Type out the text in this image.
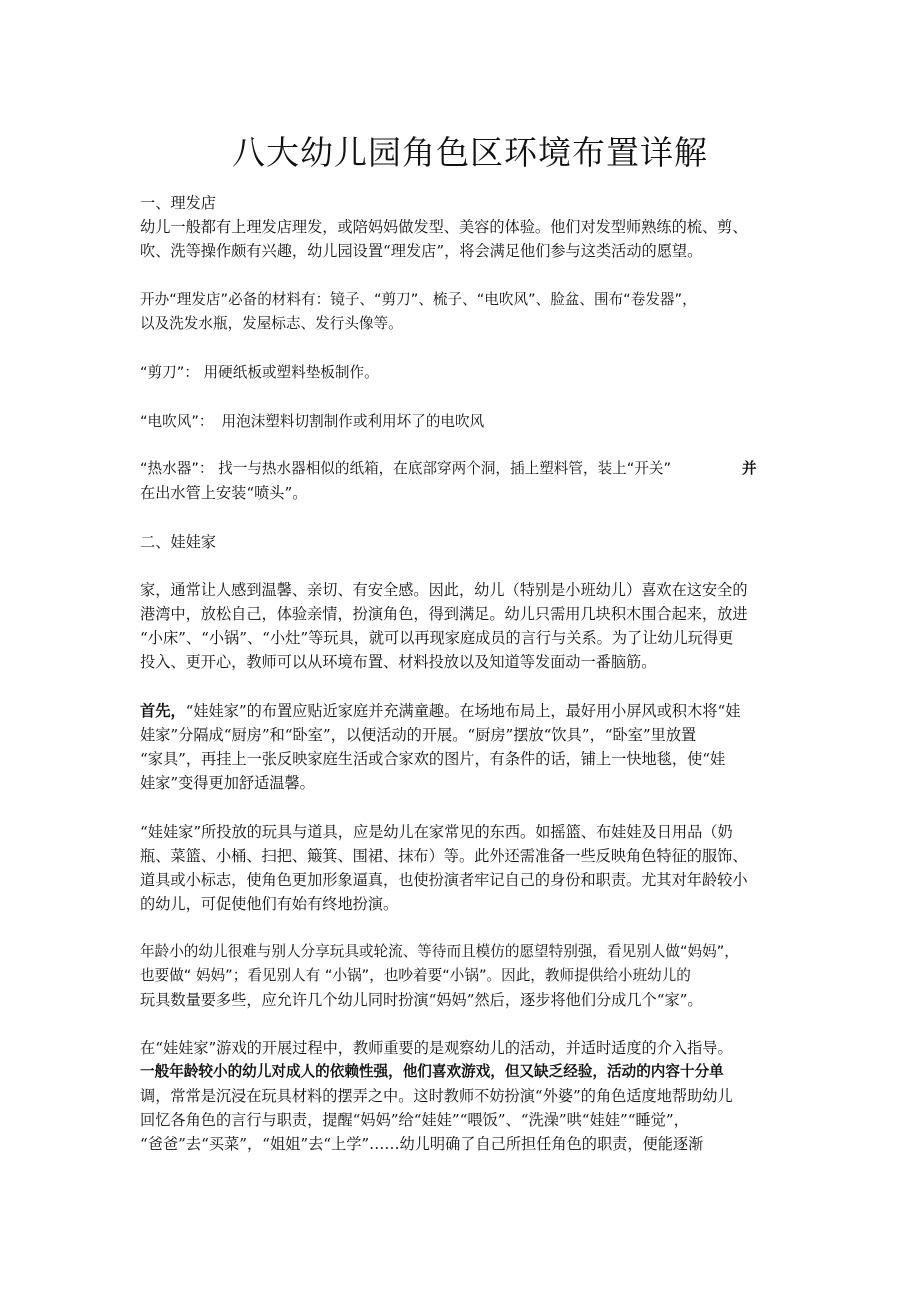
八大幼儿园角色区环境布置详解
一、理发店
幼儿一般都有上理发店理发，或陪妈妈做发型、美容的体验。他们对发型师熟练的梳、剪、
吹、洗等操作颇有兴趣，幼儿园设置“理发店”，将会满足他们参与这类活动的愿望。
开办“理发店”必备的材料有：镜子、“剪刀”、梳子、“电吹风”、脸盆、围布“卷发器”，
以及洗发水瓶，发屋标志、发行头像等。
“剪刀”： 用硬纸板或塑料垫板制作。
“电吹风”： 用泡沫塑料切割制作或利用坏了的电吹风
“热水器”： 找一与热水器相似的纸箱，在底部穿两个洞，插上塑料管，装上“开关”	并
在出水管上安装“喷头”。
二、娃娃家
家，通常让人感到温馨、亲切、有安全感。因此，幼儿（特别是小班幼儿）喜欢在这安全的
港湾中，放松自己，体验亲情，扮演角色，得到满足。幼儿只需用几块积木围合起来，放进
“小床”、“小锅”、“小灶”等玩具，就可以再现家庭成员的言行与关系。为了让幼儿玩得更
投入、更开心，教师可以从环境布置、材料投放以及知道等发面动一番脑筋。
首先，“娃娃家”的布置应贴近家庭并充满童趣。在场地布局上，最好用小屏风或积木将“娃
娃家”分隔成“厨房”和“卧室”，以便活动的开展。“厨房”摆放“饮具”，“卧室”里放置
“家具”，再挂上一张反映家庭生活或合家欢的图片，有条件的话，铺上一快地毯，使“娃
娃家”变得更加舒适温馨。
“娃娃家”所投放的玩具与道具，应是幼儿在家常见的东西。如摇篮、布娃娃及日用品（奶
瓶、菜篮、小桶、扫把、簸箕、围裙、抹布）等。此外还需准备一些反映角色特征的服饰、
道具或小标志，使角色更加形象逼真，也使扮演者牢记自己的身份和职责。尤其对年龄较小
的幼儿，可促使他们有始有终地扮演。
年龄小的幼儿很难与别人分享玩具或轮流、等待而且模仿的愿望特别强，看见别人做“妈妈”，
也要做“ 妈妈”；看见别人有 “小锅”，也吵着要“小锅”。因此，教师提供给小班幼儿的
玩具数量要多些，应允许几个幼儿同时扮演“妈妈”然后，逐步将他们分成几个“家”。
在“娃娃家”游戏的开展过程中，教师重要的是观察幼儿的活动，并适时适度的介入指导。
一般年龄较小的幼儿对成人的依赖性强，他们喜欢游戏，但又缺乏经验，活动的内容十分单
调，常常是沉浸在玩具材料的摆弄之中。这时教师不妨扮演“外婆”的角色适度地帮助幼儿
回忆各角色的言行与职责，提醒“妈妈”给“娃娃”“喂饭”、“洗澡”哄“娃娃”“睡觉”，
“爸爸”去“买菜”，“姐姐”去“上学”……幼儿明确了自己所担任角色的职责，便能逐渐
